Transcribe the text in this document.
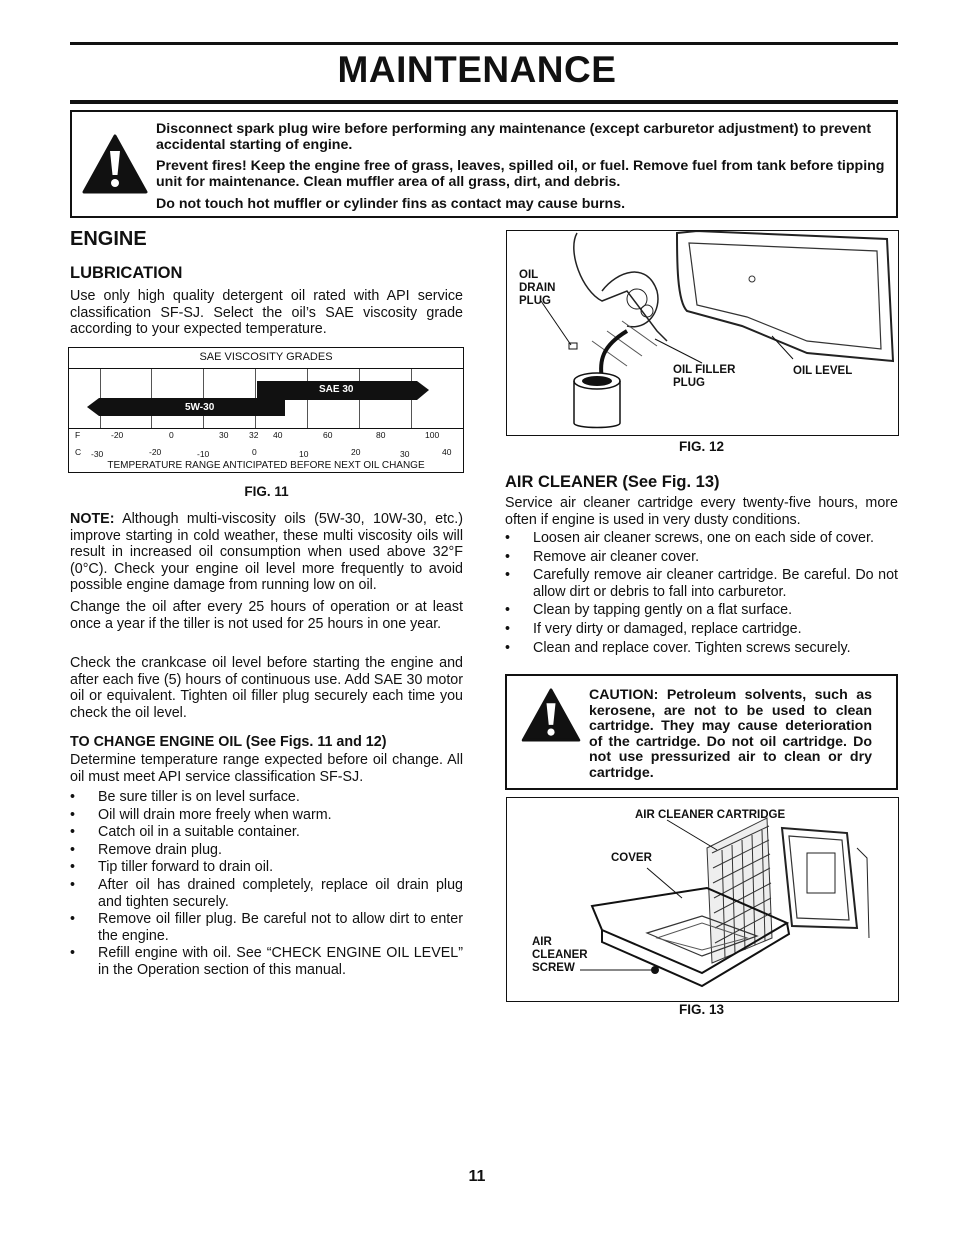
MAINTENANCE
Disconnect spark plug wire before performing any maintenance (except carburetor adjustment) to prevent accidental starting of engine.
Prevent fires! Keep the engine free of grass, leaves, spilled oil, or fuel. Remove fuel from tank before tipping unit for maintenance. Clean muffler area of all grass, dirt, and debris.
Do not touch hot muffler or cylinder fins as contact may cause burns.
ENGINE
LUBRICATION
Use only high quality detergent oil rated with API service classification SF-SJ. Select the oil’s SAE viscosity grade according to your expected temperature.
SAE VISCOSITY GRADES
SAE 30
5W-30
F
C
-20	0	30 32 40	60	80	100
-30	-20	-10	0	10	20	30	40
TEMPERATURE RANGE ANTICIPATED BEFORE NEXT OIL CHANGE
FIG. 11
NOTE: Although multi-viscosity oils (5W-30, 10W-30, etc.) improve starting in cold weather, these multi viscosity oils will result in increased oil consumption when used above 32°F (0°C). Check your engine oil level more frequently to avoid possible engine damage from running low on oil.
Change the oil after every 25 hours of operation or at least once a year if the tiller is not used for 25 hours in one year.
Check the crankcase oil level before starting the engine and after each five (5) hours of continuous use. Add SAE 30 motor oil or equivalent. Tighten oil filler plug securely each time you check the oil level.
TO CHANGE ENGINE OIL (See Figs. 11 and 12)
Determine temperature range expected before oil change. All oil must meet API service classification SF-SJ.
• Be sure tiller is on level surface.
• Oil will drain more freely when warm.
• Catch oil in a suitable container.
• Remove drain plug.
• Tip tiller forward to drain oil.
• After oil has drained completely, replace oil drain plug and tighten securely.
• Remove oil filler plug. Be careful not to allow dirt to enter the engine.
• Refill engine with oil. See “CHECK ENGINE OIL LEVEL” in the Operation section of this manual.
OIL DRAIN PLUG
OIL FILLER PLUG
OIL LEVEL
FIG. 12
AIR CLEANER (See Fig. 13)
Service air cleaner cartridge every twenty-five hours, more often if engine is used in very dusty conditions.
• Loosen air cleaner screws, one on each side of cover.
• Remove air cleaner cover.
• Carefully remove air cleaner cartridge. Be careful. Do not allow dirt or debris to fall into carburetor.
• Clean by tapping gently on a flat surface.
• If very dirty or damaged, replace cartridge.
• Clean and replace cover. Tighten screws securely.
CAUTION: Petroleum solvents, such as kerosene, are not to be used to clean cartridge. They may cause deterioration of the cartridge. Do not oil cartridge. Do not use pressurized air to clean or dry cartridge.
AIR CLEANER CARTRIDGE
COVER
AIR CLEANER SCREW
FIG. 13
11
